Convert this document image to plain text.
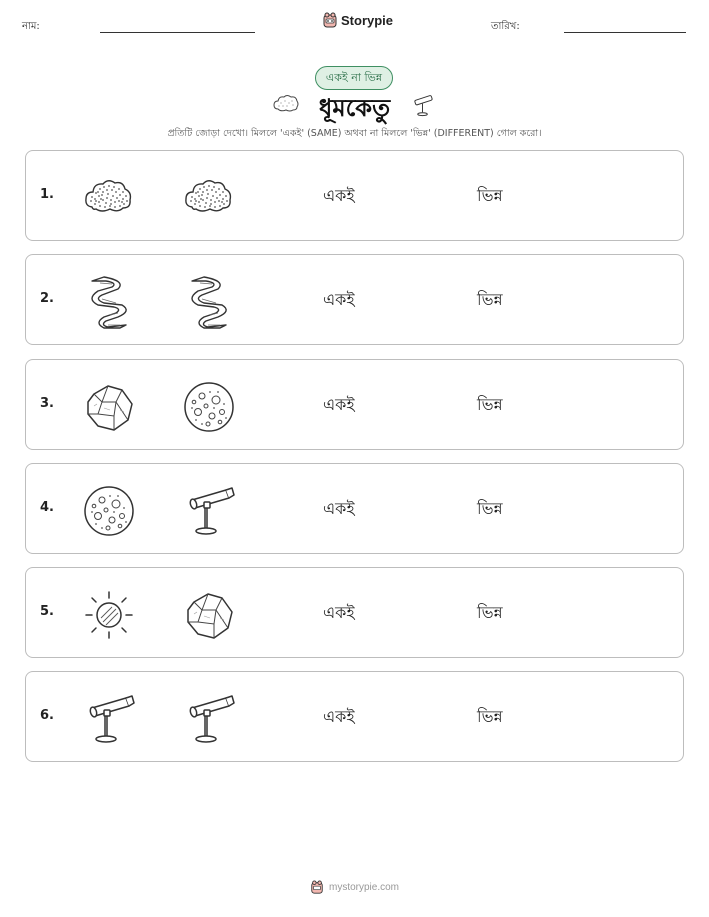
নাম:	Storypie	তারিখ:
একই না ভিন্ন
ধূমকেতু
প্রতিটি জোড়া দেখো। মিললে 'একই' (SAME) অথবা না মিললে 'ভিন্ন' (DIFFERENT) গোল করো।
1.	একই	ভিন্ন
2.	একই	ভিন্ন
3.	একই	ভিন্ন
4.	একই	ভিন্ন
5.	একই	ভিন্ন
6.	একই	ভিন্ন
mystorypie.com
